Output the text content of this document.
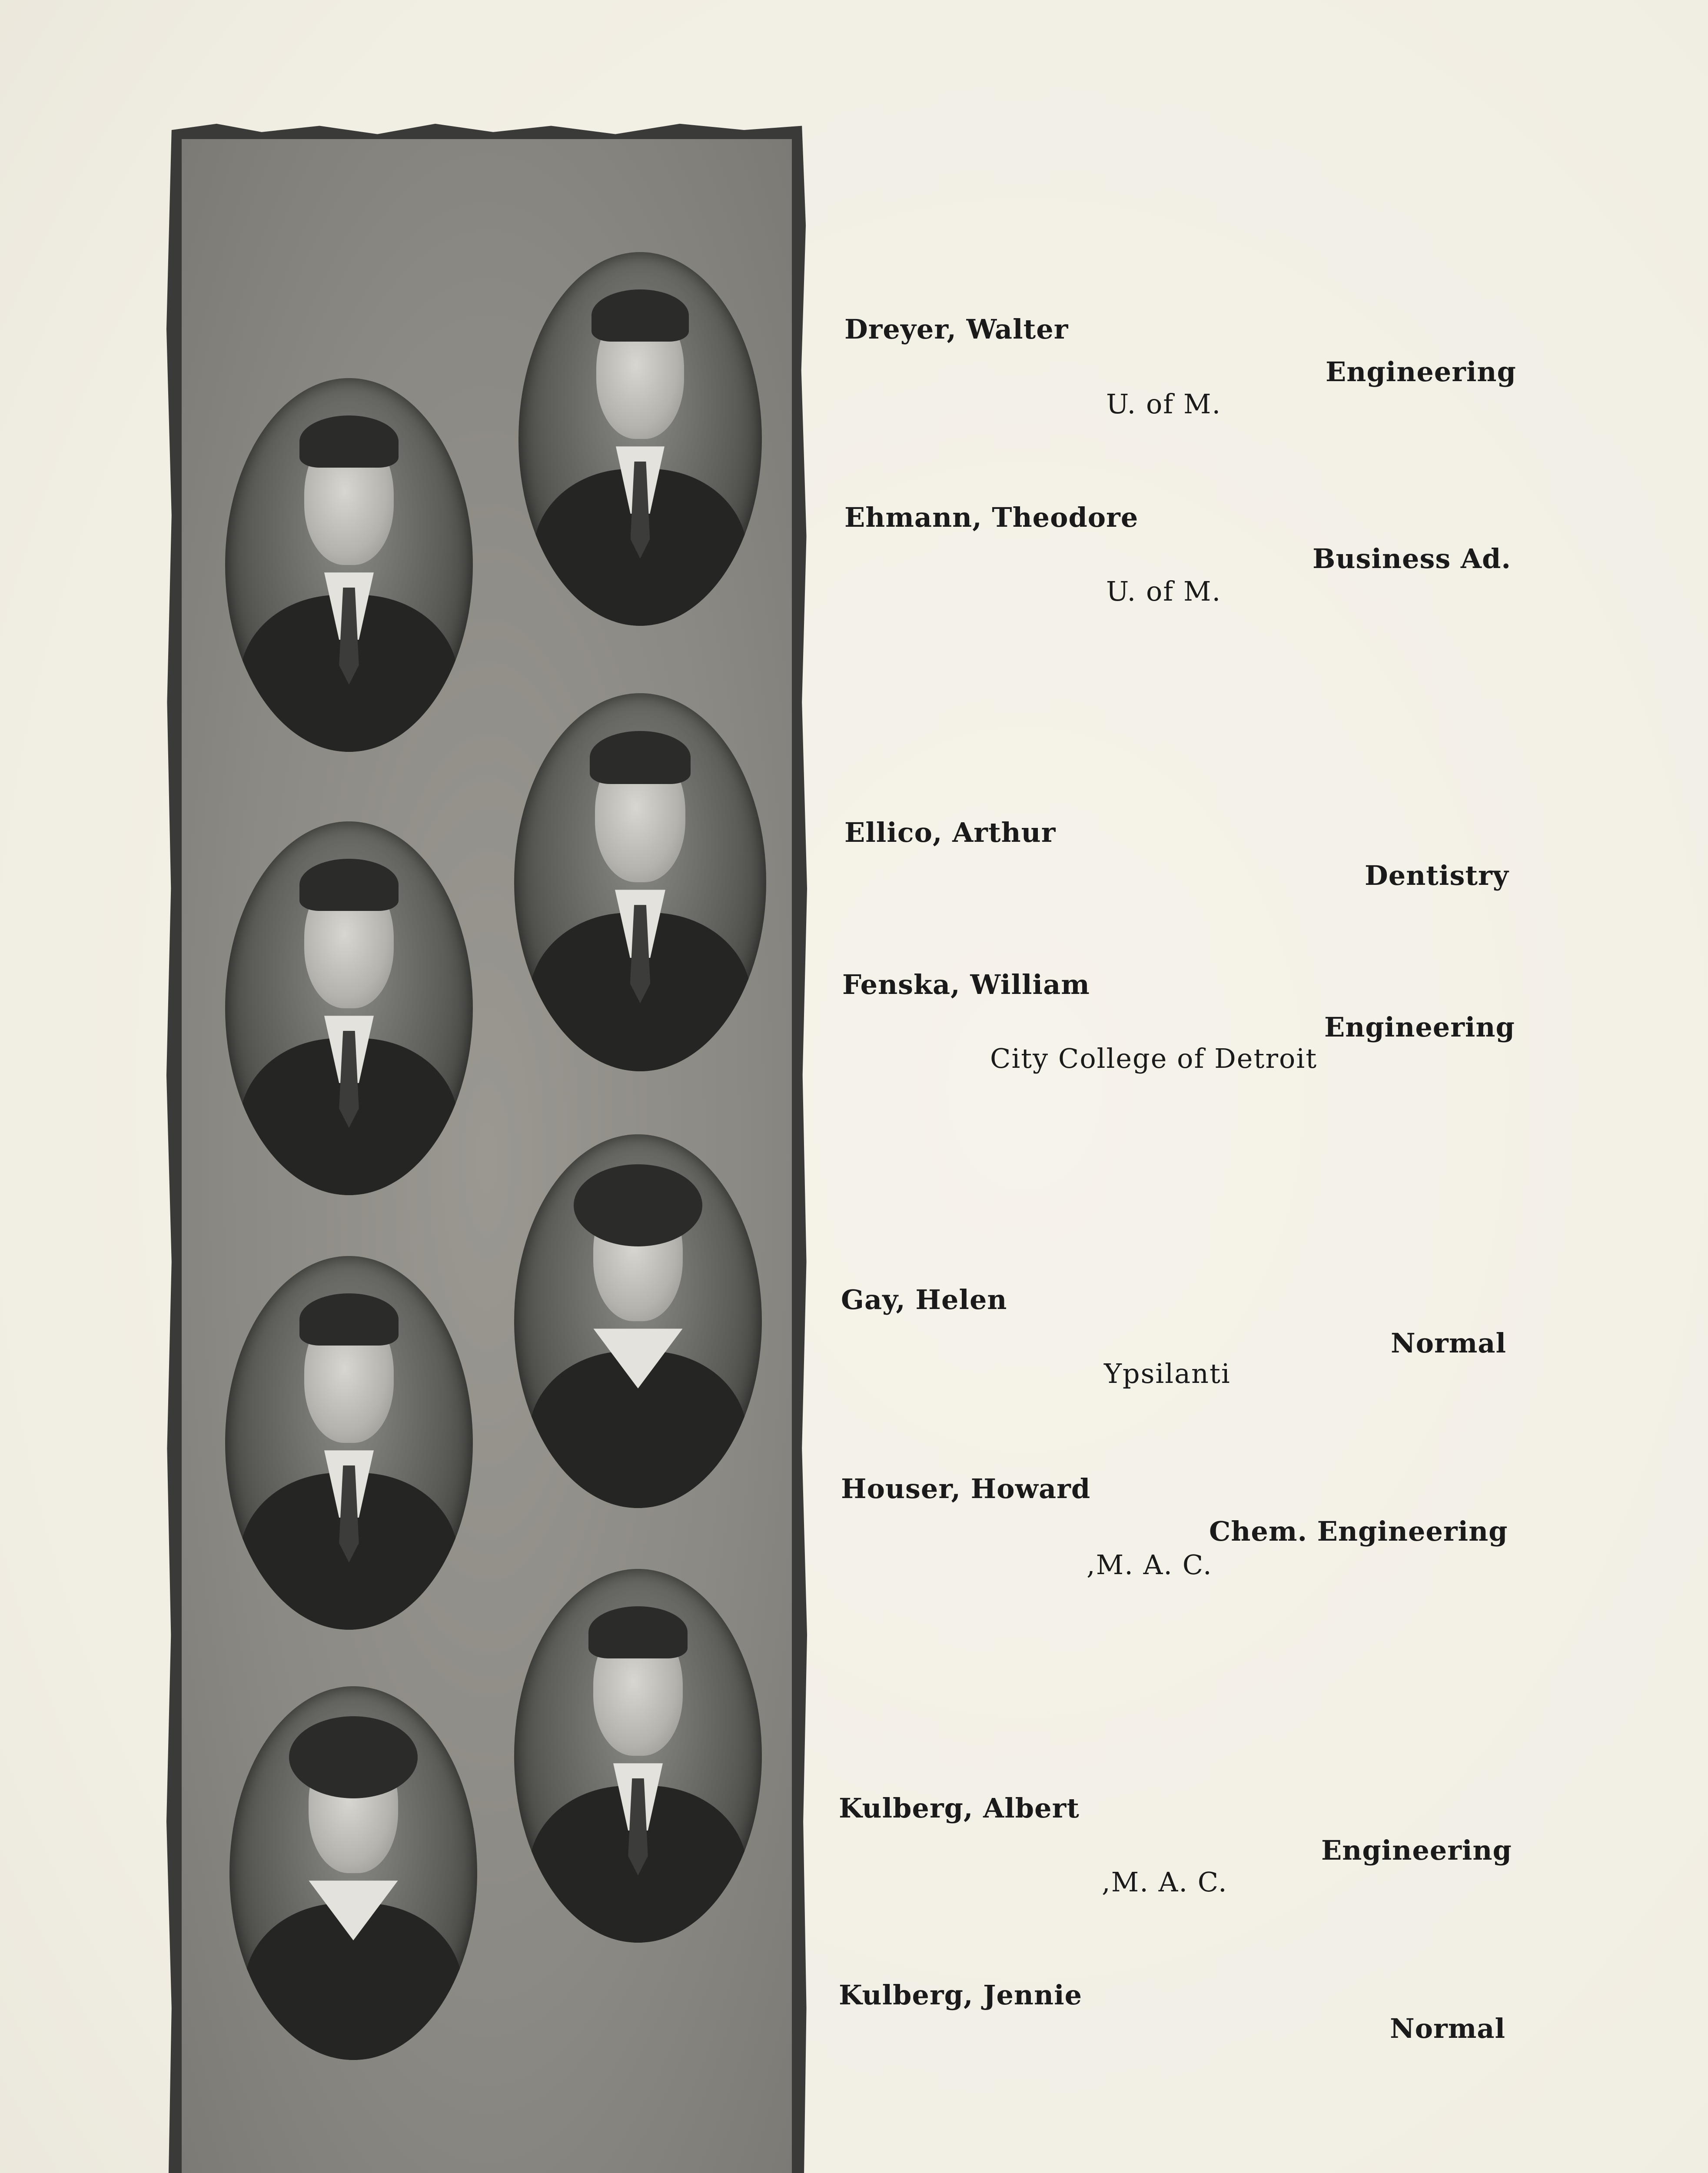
Dreyer, Walter
Engineering
U. of M.
Ehmann, Theodore
Business Ad.
U. of M.
Ellico, Arthur
Dentistry
Fenska, William
Engineering
City College of Detroit
Gay, Helen
Normal
Ypsilanti
Houser, Howard
Chem. Engineering
,M. A. C.
Kulberg, Albert
Engineering
,M. A. C.
Kulberg, Jennie
Normal
